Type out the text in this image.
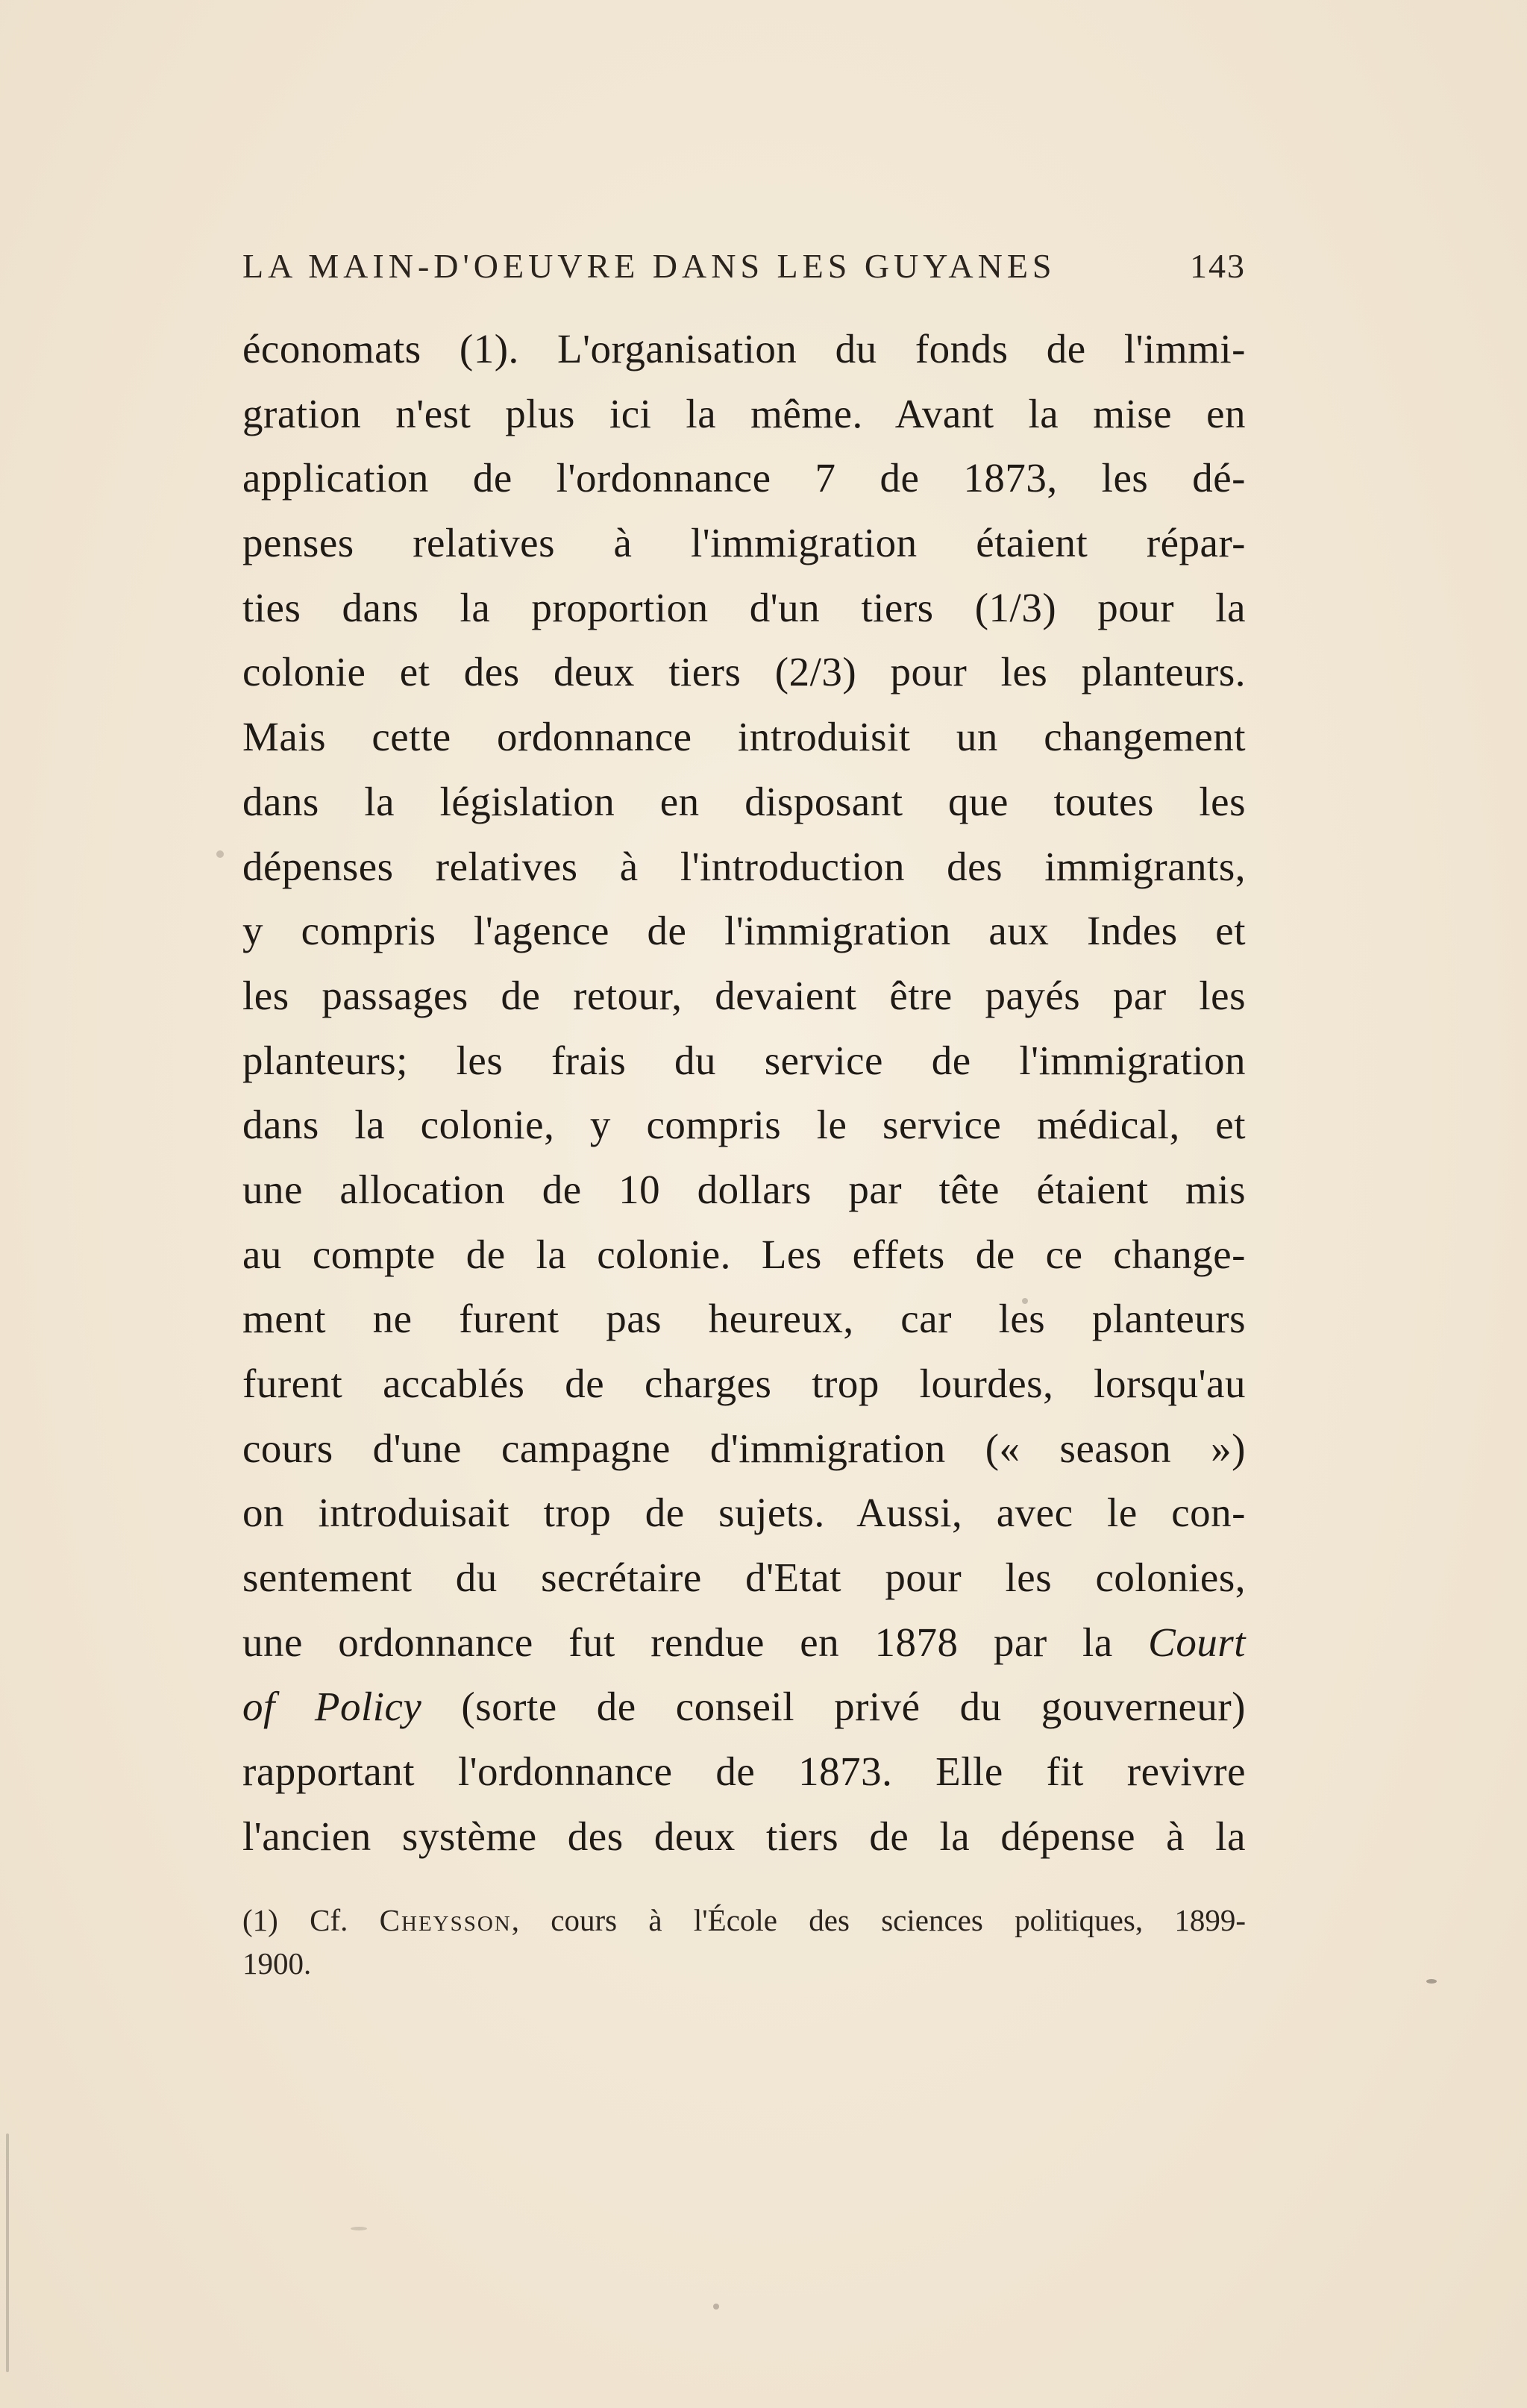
LA MAIN-D'OEUVRE DANS LES GUYANES	143
économats (1). L'organisation du fonds de l'immi-
gration n'est plus ici la même. Avant la mise en
application de l'ordonnance 7 de 1873, les dé-
penses relatives à l'immigration étaient répar-
ties dans la proportion d'un tiers (1/3) pour la
colonie et des deux tiers (2/3) pour les planteurs.
Mais cette ordonnance introduisit un changement
dans la législation en disposant que toutes les
dépenses relatives à l'introduction des immigrants,
y compris l'agence de l'immigration aux Indes et
les passages de retour, devaient être payés par les
planteurs; les frais du service de l'immigration
dans la colonie, y compris le service médical, et
une allocation de 10 dollars par tête étaient mis
au compte de la colonie. Les effets de ce change-
ment ne furent pas heureux, car les planteurs
furent accablés de charges trop lourdes, lorsqu'au
cours d'une campagne d'immigration (« season »)
on introduisait trop de sujets. Aussi, avec le con-
sentement du secrétaire d'Etat pour les colonies,
une ordonnance fut rendue en 1878 par la Court
of Policy (sorte de conseil privé du gouverneur)
rapportant l'ordonnance de 1873. Elle fit revivre
l'ancien système des deux tiers de la dépense à la
(1) Cf. Cheysson, cours à l'École des sciences politiques, 1899-
1900.
